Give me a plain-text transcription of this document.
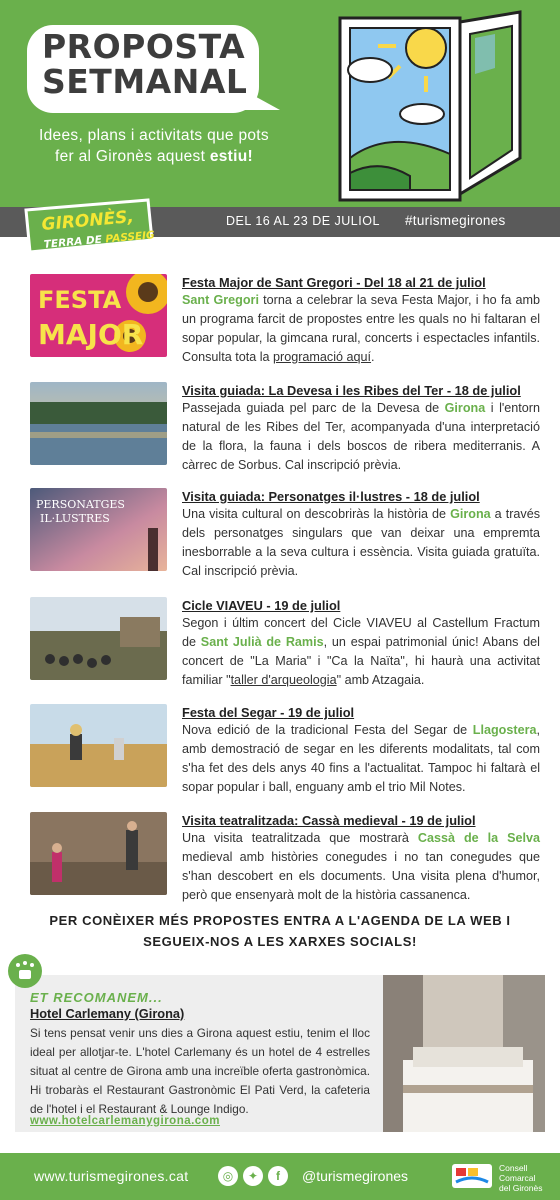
PROPOSTA
SETMANAL
Idees, plans i activitats que pots fer al Gironès aquest estiu!
GIRONÈS,
TERRA DE PASSEIG
DEL 16 AL 23 DE JULIOL #turismegirones
FESTA
MAJOR
Festa Major de Sant Gregori - Del 18 al 21 de juliol
Sant Gregori torna a celebrar la seva Festa Major, i ho fa amb un programa farcit de propostes entre les quals no hi faltaran el sopar popular, la gimcana rural, concerts i espectacles infantils. Consulta tota la programació aquí.
Visita guiada: La Devesa i les Ribes del Ter - 18 de juliol
Passejada guiada pel parc de la Devesa de Girona i l'entorn natural de les Ribes del Ter, acompanyada d'una interpretació de la flora, la fauna i dels boscos de ribera mediterranis. A càrrec de Sorbus. Cal inscripció prèvia.
PERSONATGES
IL·LUSTRES
Visita guiada: Personatges il·lustres - 18 de juliol
Una visita cultural on descobriràs la història de Girona a través dels personatges singulars que van deixar una empremta inesborrable a la seva cultura i essència. Visita guiada gratuïta. Cal inscripció prèvia.
Cicle VIAVEU - 19 de juliol
Segon i últim concert del Cicle VIAVEU al Castellum Fractum de Sant Julià de Ramis, un espai patrimonial únic! Abans del concert de "La Maria" i "Ca la Naïta", hi haurà una activitat familiar "taller d'arqueologia" amb Atzagaia.
Festa del Segar - 19 de juliol
Nova edició de la tradicional Festa del Segar de Llagostera, amb demostració de segar en les diferents modalitats, tal com s'ha fet des dels anys 40 fins a l'actualitat. Tampoc hi faltarà el sopar popular i ball, enguany amb el trio Mil Notes.
Visita teatralitzada: Cassà medieval - 19 de juliol
Una visita teatralitzada que mostrarà Cassà de la Selva medieval amb històries conegudes i no tan conegudes que s'han descobert en els documents. Una visita plena d'humor, però que ensenyarà molt de la història cassanenca.
PER CONÈIXER MÉS PROPOSTES ENTRA A L'AGENDA DE LA WEB I
SEGUEIX-NOS A LES XARXES SOCIALS!
ET RECOMANEM...
Hotel Carlemany (Girona)
Si tens pensat venir uns dies a Girona aquest estiu, tenim el lloc ideal per allotjar-te. L'hotel Carlemany és un hotel de 4 estrelles situat al centre de Girona amb una increïble oferta gastronòmica. Hi trobaràs el Restaurant Gastronòmic El Pati Verd, la cafeteria de l'hotel i el Restaurant & Lounge Indigo.
www.hotelcarlemanygirona.com
www.turismegirones.cat	◎	✦	f	@turismegirones	Consell
Comarcal
del Gironès
